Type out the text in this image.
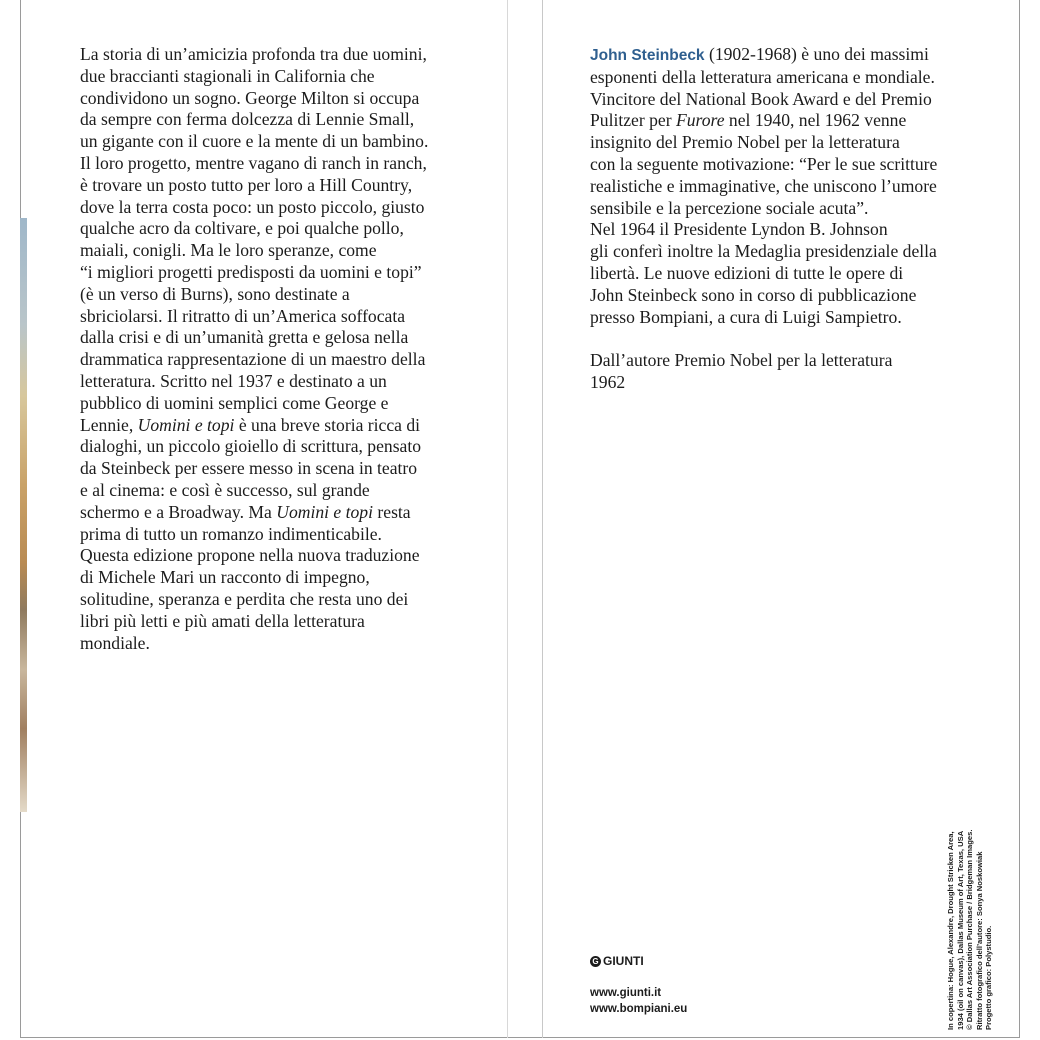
La storia di un’amicizia profonda tra due uomini,
due braccianti stagionali in California che
condividono un sogno. George Milton si occupa
da sempre con ferma dolcezza di Lennie Small,
un gigante con il cuore e la mente di un bambino.
Il loro progetto, mentre vagano di ranch in ranch,
è trovare un posto tutto per loro a Hill Country,
dove la terra costa poco: un posto piccolo, giusto
qualche acro da coltivare, e poi qualche pollo,
maiali, conigli. Ma le loro speranze, come
“i migliori progetti predisposti da uomini e topi”
(è un verso di Burns), sono destinate a
sbriciolarsi. Il ritratto di un’America soffocata
dalla crisi e di un’umanità gretta e gelosa nella
drammatica rappresentazione di un maestro della
letteratura. Scritto nel 1937 e destinato a un
pubblico di uomini semplici come George e
Lennie, Uomini e topi è una breve storia ricca di
dialoghi, un piccolo gioiello di scrittura, pensato
da Steinbeck per essere messo in scena in teatro
e al cinema: e così è successo, sul grande
schermo e a Broadway. Ma Uomini e topi resta
prima di tutto un romanzo indimenticabile.
Questa edizione propone nella nuova traduzione
di Michele Mari un racconto di impegno,
solitudine, speranza e perdita che resta uno dei
libri più letti e più amati della letteratura
mondiale.

John Steinbeck (1902-1968) è uno dei massimi
esponenti della letteratura americana e mondiale.
Vincitore del National Book Award e del Premio
Pulitzer per Furore nel 1940, nel 1962 venne
insignito del Premio Nobel per la letteratura
con la seguente motivazione: “Per le sue scritture
realistiche e immaginative, che uniscono l’umore
sensibile e la percezione sociale acuta”.
Nel 1964 il Presidente Lyndon B. Johnson
gli conferì inoltre la Medaglia presidenziale della
libertà. Le nuove edizioni di tutte le opere di
John Steinbeck sono in corso di pubblicazione
presso Bompiani, a cura di Luigi Sampietro.

Dall’autore Premio Nobel per la letteratura
1962

G GIUNTI
www.giunti.it
www.bompiani.eu	In copertina: Hogue, Alexandre, Drought Stricken Area, 1934 (oil on canvas), Dallas Museum of Art, Texas, USA © Dallas Art Association Purchase / Bridgeman Images. Ritratto fotografico dell’autore: Sonya Noskowiak Progetto grafico: Polystudio.
